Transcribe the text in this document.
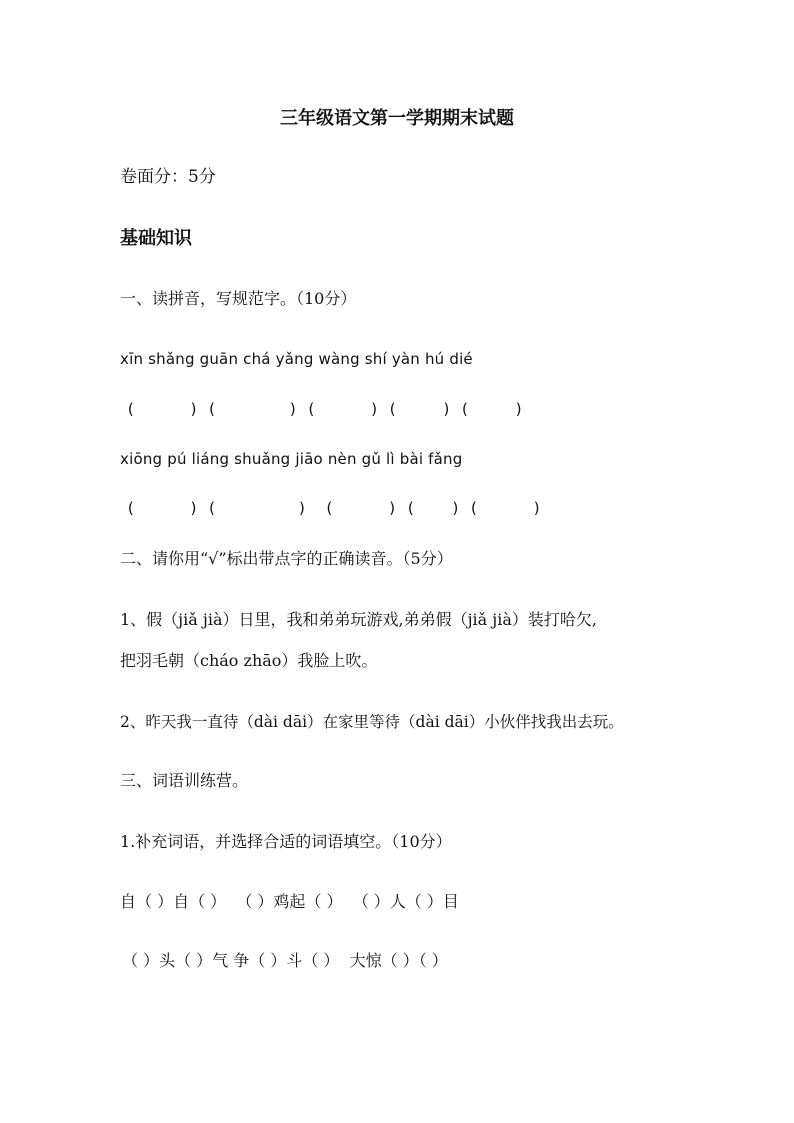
三年级语文第一学期期末试题
卷面分：5分
基础知识
一、读拼音，写规范字。（10分）
xīn shǎng guān chá yǎng wàng shí yàn hú dié
(      ) (        ) (      ) (     ) (     )
xiōng pú liáng shuǎng jiāo nèn gǔ lì bài fǎng
(      ) (         )  (      ) (    ) (      )
二、请你用“√”标出带点字的正确读音。（5分）
1、假（jiǎ jià）日里，我和弟弟玩游戏,弟弟假（jiǎ jià）装打哈欠,
把羽毛朝（cháo zhāo）我脸上吹。
2、昨天我一直待（dài dāi）在家里等待（dài dāi）小伙伴找我出去玩。
三、词语训练营。
1.补充词语，并选择合适的词语填空。（10分）
自（ ）自（ ）  （ ）鸡起（ ）  （ ）人（ ）目
（ ）头（ ）气 争（ ）斗（ ）  大惊（ ）（ ）
